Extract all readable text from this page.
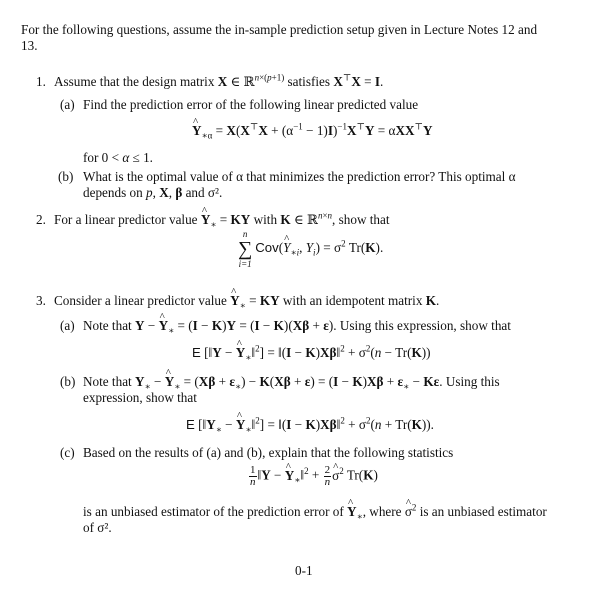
For the following questions, assume the in-sample prediction setup given in Lecture Notes 12 and
13.
1. Assume that the design matrix X ∈ ℝ$^{n\times(p+1)}$ satisfies X⊤X = I.
(a) Find the prediction error of the following linear predicted value
^ $Y_{∗\alpha} = X(X^⊤X + (\alpha^{-1} - 1)I)^{-1}X^⊤Y = \alpha XX^⊤Y$
for 0 < α ≤ 1.
(b) What is the optimal value of α that minimizes the prediction error? This optimal α
depends on p, X, β and σ².
2. For a linear predictor value ^ $Y_∗$ = KY with K ∈ ℝ$^{n\times n}$, show that
n
∑
i=1
Cov(^ $Y_{∗i}$, $Y_i) = \sigma^2$ Tr(K).
3. Consider a linear predictor value ^ $Y_∗$ = KY with an idempotent matrix K.
(a) Note that Y − ^ $Y_∗ = (I - K)Y = (I - K)(X\beta + \varepsilon)$. Using this expression, show that
E [‖Y − ^ $Y_∗‖^2$] = ‖(I − K)Xβ‖$^2$ + $\sigma^2(n - Tr(K))$
(b) Note that $Y_∗$ − ^ $Y_∗ = (X\beta + \varepsilon_∗) - K(X\beta + \varepsilon) = (I - K)X\beta + \varepsilon_∗ - K\varepsilon$. Using this
expression, show that
E [$‖Y_∗$ − ^ $Y_∗‖^2$] = ‖(I − K)Xβ‖$^2$ + $\sigma^2(n + Tr(K))$.
(c) Based on the results of (a) and (b), explain that the following statistics
$\frac{1}{n}$ ‖Y − ^ $Y_∗‖^2 + \frac{2}{n}$
^ $\sigma^2$ Tr(K)
is an unbiased estimator of the prediction error of ^ $Y_∗$, where ^ $\sigma^2$ is an unbiased estimator
of σ².
0-1
